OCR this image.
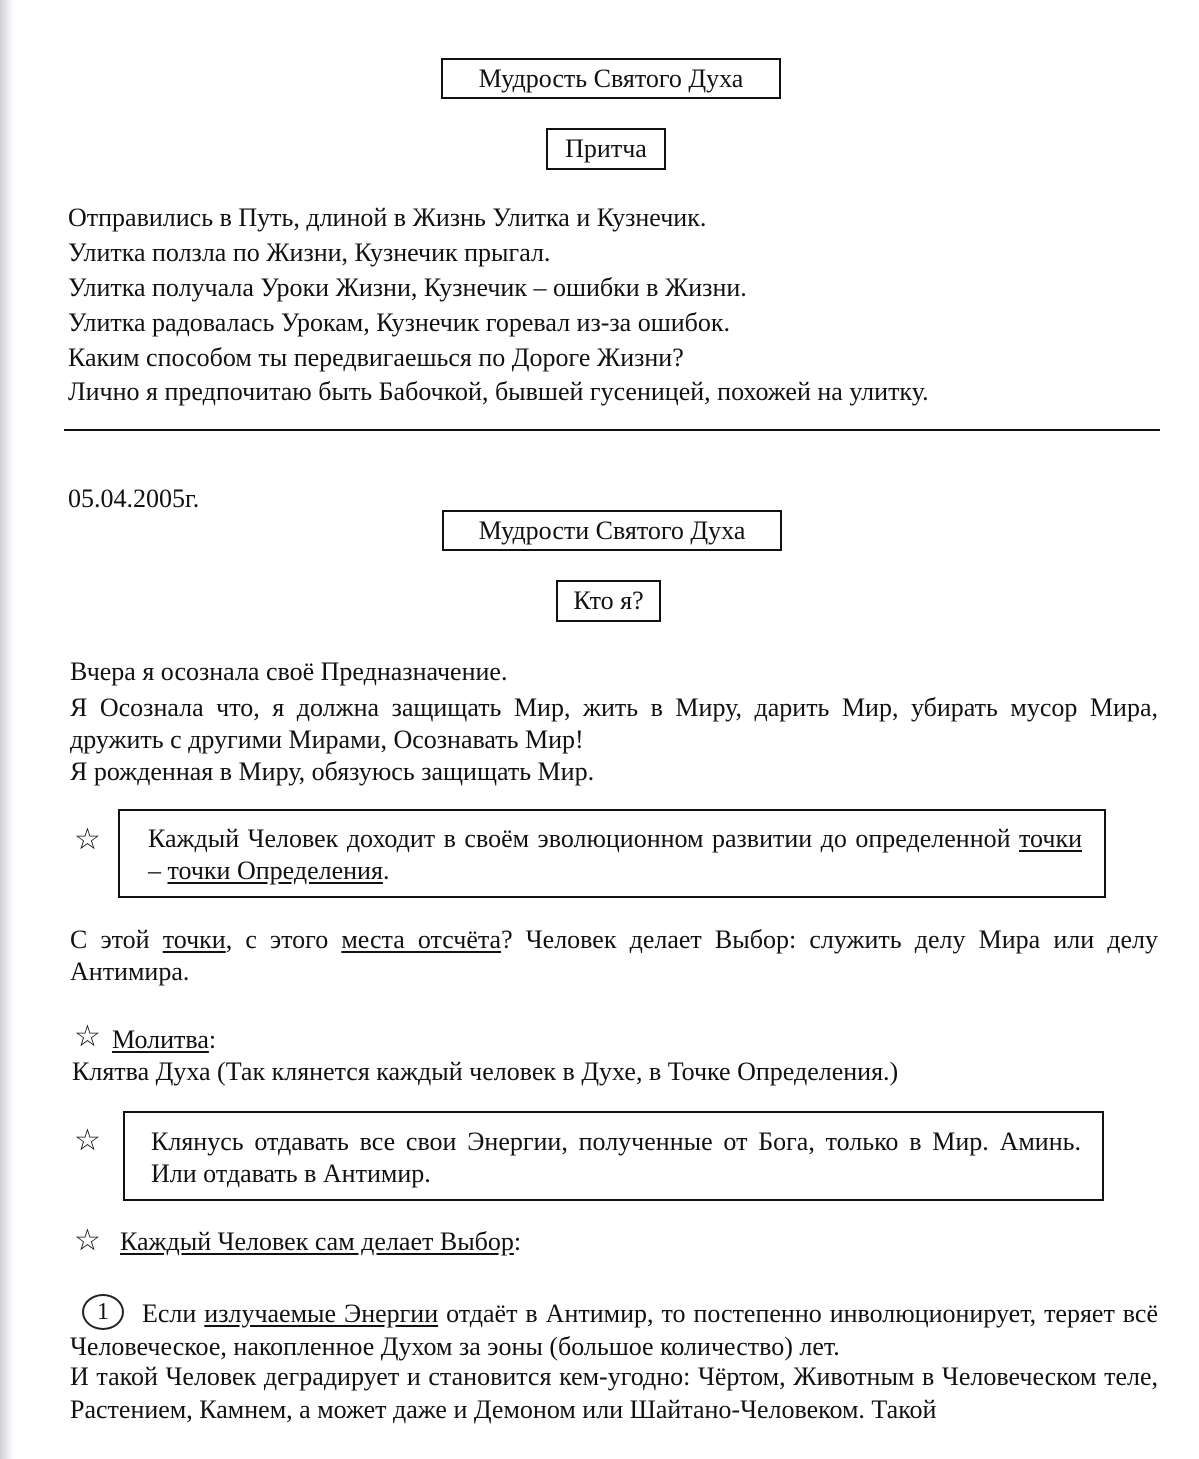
Мудрость Святого Духа
Притча
Отправились в Путь, длиной в Жизнь Улитка и Кузнечик.
Улитка ползла по Жизни, Кузнечик прыгал.
Улитка получала Уроки Жизни, Кузнечик – ошибки в Жизни.
Улитка радовалась Урокам, Кузнечик горевал из-за ошибок.
Каким способом ты передвигаешься по Дороге Жизни?
Лично я предпочитаю быть Бабочкой, бывшей гусеницей, похожей на улитку.
05.04.2005г.
Мудрости Святого Духа
Кто я?
Вчера я осознала своё Предназначение.
Я Осознала что, я должна защищать Мир, жить в Миру, дарить Мир, убирать мусор Мира, дружить с другими Мирами, Осознавать Мир!
Я рожденная в Миру, обязуюсь защищать Мир.
☆ Каждый Человек доходит в своём эволюционном развитии до определенной точки – точки Определения.
С этой точки, с этого места отсчёта? Человек делает Выбор: служить делу Мира или делу Антимира.
☆ Молитва:
Клятва Духа (Так клянется каждый человек в Духе, в Точке Определения.)
☆ Клянусь отдавать все свои Энергии, полученные от Бога, только в Мир. Аминь. Или отдавать в Антимир.
☆ Каждый Человек сам делает Выбор:
1	Если излучаемые Энергии отдаёт в Антимир, то постепенно инволюционирует, теряет всё Человеческое, накопленное Духом за эоны (большое количество) лет.
И такой Человек деградирует и становится кем-угодно: Чёртом, Животным в Человеческом теле, Растением, Камнем, а может даже и Демоном или Шайтано-Человеком. Такой
